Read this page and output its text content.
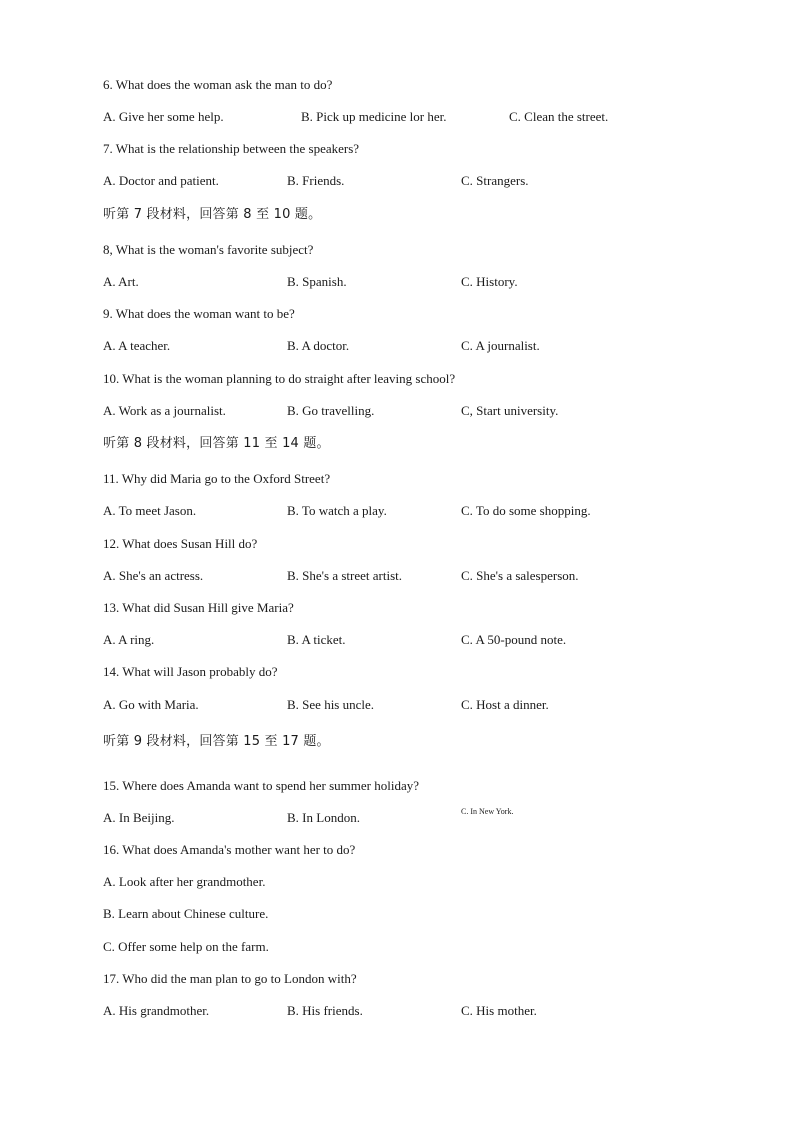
6. What does the woman ask the man to do?
A. Give her some help.	B. Pick up medicine lor her.	C. Clean the street.
7. What is the relationship between the speakers?
A. Doctor and patient.	B. Friends.	C. Strangers.
听第 7 段材料，回答第 8 至 10 题。
8, What is the woman's favorite subject?
A. Art.	B. Spanish.	C. History.
9. What does the woman want to be?
A. A teacher.	B. A doctor.	C. A journalist.
10. What is the woman planning to do straight after leaving school?
A. Work as a journalist.	B. Go travelling.	C, Start university.
听第 8 段材料，回答第 11 至 14 题。
11. Why did Maria go to the Oxford Street?
A. To meet Jason.	B. To watch a play.	C. To do some shopping.
12. What does Susan Hill do?
A. She's an actress.	B. She's a street artist.	C. She's a salesperson.
13. What did Susan Hill give Maria?
A. A ring.	B. A ticket.	C. A 50-pound note.
14. What will Jason probably do?
A. Go with Maria.	B. See his uncle.	C. Host a dinner.
听第 9 段材料，回答第 15 至 17 题。
15. Where does Amanda want to spend her summer holiday?
A. In Beijing.	B. In London.	C. In New York.
16. What does Amanda's mother want her to do?
A. Look after her grandmother.
B. Learn about Chinese culture.
C. Offer some help on the farm.
17. Who did the man plan to go to London with?
A. His grandmother.	B. His friends.	C. His mother.
